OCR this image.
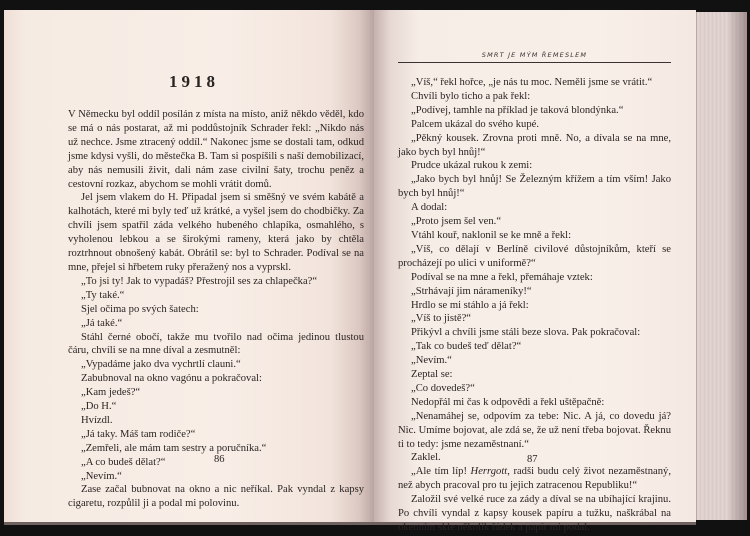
1918

V Německu byl oddíl posílán z místa na místo, aniž někdo věděl, kdo se má o nás postarat, až mi poddůstojník Schrader řekl: „Nikdo nás už nechce. Jsme ztracený oddíl.“ Nakonec jsme se dostali tam, odkud jsme kdysi vyšli, do městečka B. Tam si pospíšili s naší demobilizací, aby nás nemusili živit, dali nám zase civilní šaty, trochu peněz a cestovní rozkaz, abychom se mohli vrátit domů.

Jel jsem vlakem do H. Připadal jsem si směšný ve svém kabátě a kalhotách, které mi byly teď už krátké, a vyšel jsem do chodbičky. Za chvíli jsem spatřil záda velkého hubeného chlapíka, osmahlého, s vyholenou lebkou a se širokými rameny, která jako by chtěla roztrhnout obnošený kabát. Obrátil se: byl to Schrader. Podíval se na mne, přejel si hřbetem ruky přeražený nos a vyprskl.

„To jsi ty! Jak to vypadáš? Přestrojil ses za chlapečka?“

„Ty také.“

Sjel očima po svých šatech:

„Já také.“

Stáhl černé obočí, takže mu tvořilo nad očima jedinou tlustou čáru, chvíli se na mne díval a zesmutněl:

„Vypadáme jako dva vychrtlí clauni.“

Zabubnoval na okno vagónu a pokračoval:

„Kam jedeš?“

„Do H.“

Hvízdl.

„Já taky. Máš tam rodiče?“

„Zemřeli, ale mám tam sestry a poručníka.“

„A co budeš dělat?“

„Nevím.“

Zase začal bubnovat na okno a nic neříkal. Pak vyndal z kapsy cigaretu, rozpůlil ji a podal mi polovinu.

86
SMRT JE MÝM ŘEMESLEM

„Víš,“ řekl hořce, „je nás tu moc. Neměli jsme se vrátit.“

Chvíli bylo ticho a pak řekl:

„Podívej, tamhle na příklad je taková blondýnka.“

Palcem ukázal do svého kupé.

„Pěkný kousek. Zrovna proti mně. No, a dívala se na mne, jako bych byl hnůj!“

Prudce ukázal rukou k zemi:

„Jako bych byl hnůj! Se Železným křížem a tím vším! Jako bych byl hnůj!“

A dodal:

„Proto jsem šel ven.“

Vtáhl kouř, naklonil se ke mně a řekl:

„Víš, co dělají v Berlíně civilové důstojníkům, kteří se procházejí po ulici v uniformě?“

Podíval se na mne a řekl, přemáhaje vztek:

„Strhávají jim nárameníky!“

Hrdlo se mi stáhlo a já řekl:

„Víš to jistě?“

Přikývl a chvíli jsme stáli beze slova. Pak pokračoval:

„Tak co budeš teď dělat?“

„Nevím.“

Zeptal se:

„Co dovedeš?“

Nedopřál mi čas k odpovědi a řekl uštěpačně:

„Nenamáhej se, odpovím za tebe: Nic. A já, co dovedu já? Nic. Umíme bojovat, ale zdá se, že už není třeba bojovat. Řeknu ti to tedy: jsme nezaměstnaní.“

Zaklel.

„Ale tím líp! Herrgott, radši budu celý život nezaměstnaný, než abych pracoval pro tu jejich zatracenou Republiku!“

Založil své velké ruce za zády a díval se na ubíhající krajinu. Po chvíli vyndal z kapsy kousek papíru a tužku, naškrábal na okenním skle několik řádek a papír mi podal.

87
